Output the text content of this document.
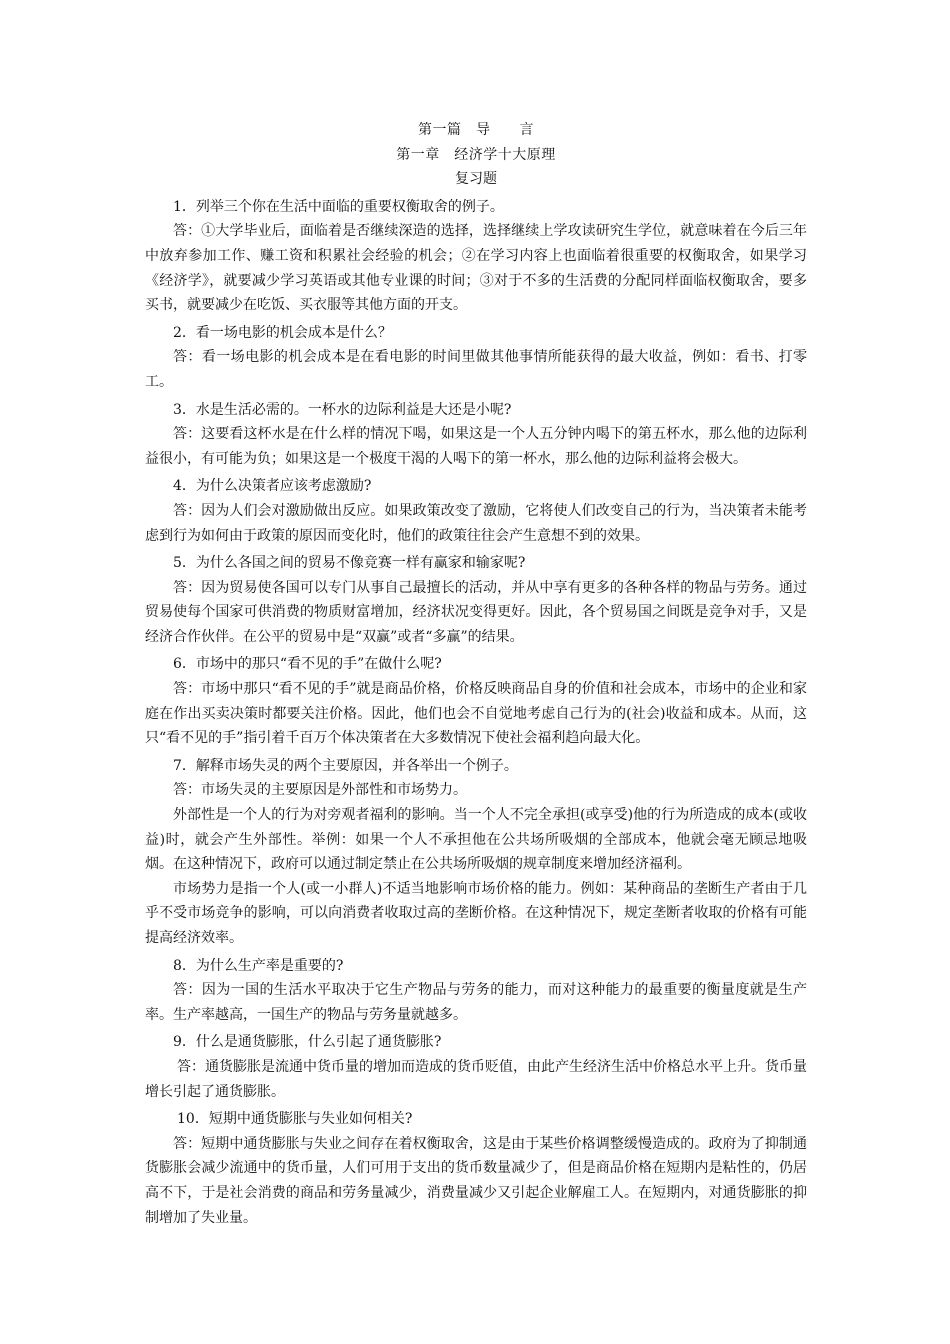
第一篇　导　　言
第一章　经济学十大原理
复习题

1．列举三个你在生活中面临的重要权衡取舍的例子。

答：①大学毕业后，面临着是否继续深造的选择，选择继续上学攻读研究生学位，就意味着在今后三年中放弃参加工作、赚工资和积累社会经验的机会；②在学习内容上也面临着很重要的权衡取舍，如果学习《经济学》，就要减少学习英语或其他专业课的时间；③对于不多的生活费的分配同样面临权衡取舍，要多买书，就要减少在吃饭、买衣服等其他方面的开支。

2．看一场电影的机会成本是什么？

答：看一场电影的机会成本是在看电影的时间里做其他事情所能获得的最大收益，例如：看书、打零工。

3．水是生活必需的。一杯水的边际利益是大还是小呢?

答：这要看这杯水是在什么样的情况下喝，如果这是一个人五分钟内喝下的第五杯水，那么他的边际利益很小，有可能为负；如果这是一个极度干渴的人喝下的第一杯水，那么他的边际利益将会极大。

4．为什么决策者应该考虑激励?

答：因为人们会对激励做出反应。如果政策改变了激励，它将使人们改变自己的行为，当决策者未能考虑到行为如何由于政策的原因而变化时，他们的政策往往会产生意想不到的效果。

5．为什么各国之间的贸易不像竞赛一样有赢家和输家呢?

答：因为贸易使各国可以专门从事自己最擅长的活动，并从中享有更多的各种各样的物品与劳务。通过贸易使每个国家可供消费的物质财富增加，经济状况变得更好。因此，各个贸易国之间既是竞争对手，又是经济合作伙伴。在公平的贸易中是“双赢”或者“多赢”的结果。

6．市场中的那只“看不见的手”在做什么呢?

答：市场中那只“看不见的手”就是商品价格，价格反映商品自身的价值和社会成本，市场中的企业和家庭在作出买卖决策时都要关注价格。因此，他们也会不自觉地考虑自己行为的(社会)收益和成本。从而，这只“看不见的手”指引着千百万个体决策者在大多数情况下使社会福利趋向最大化。

7．解释市场失灵的两个主要原因，并各举出一个例子。

答：市场失灵的主要原因是外部性和市场势力。

外部性是一个人的行为对旁观者福利的影响。当一个人不完全承担(或享受)他的行为所造成的成本(或收益)时，就会产生外部性。举例：如果一个人不承担他在公共场所吸烟的全部成本，他就会毫无顾忌地吸烟。在这种情况下，政府可以通过制定禁止在公共场所吸烟的规章制度来增加经济福利。

市场势力是指一个人(或一小群人)不适当地影响市场价格的能力。例如：某种商品的垄断生产者由于几乎不受市场竞争的影响，可以向消费者收取过高的垄断价格。在这种情况下，规定垄断者收取的价格有可能提高经济效率。

8．为什么生产率是重要的?

答：因为一国的生活水平取决于它生产物品与劳务的能力，而对这种能力的最重要的衡量度就是生产率。生产率越高，一国生产的物品与劳务量就越多。

9．什么是通货膨胀，什么引起了通货膨胀?

答：通货膨胀是流通中货币量的增加而造成的货币贬值，由此产生经济生活中价格总水平上升。货币量增长引起了通货膨胀。

10．短期中通货膨胀与失业如何相关?

答：短期中通货膨胀与失业之间存在着权衡取舍，这是由于某些价格调整缓慢造成的。政府为了抑制通货膨胀会减少流通中的货币量，人们可用于支出的货币数量减少了，但是商品价格在短期内是粘性的，仍居高不下，于是社会消费的商品和劳务量减少，消费量减少又引起企业解雇工人。在短期内，对通货膨胀的抑制增加了失业量。
